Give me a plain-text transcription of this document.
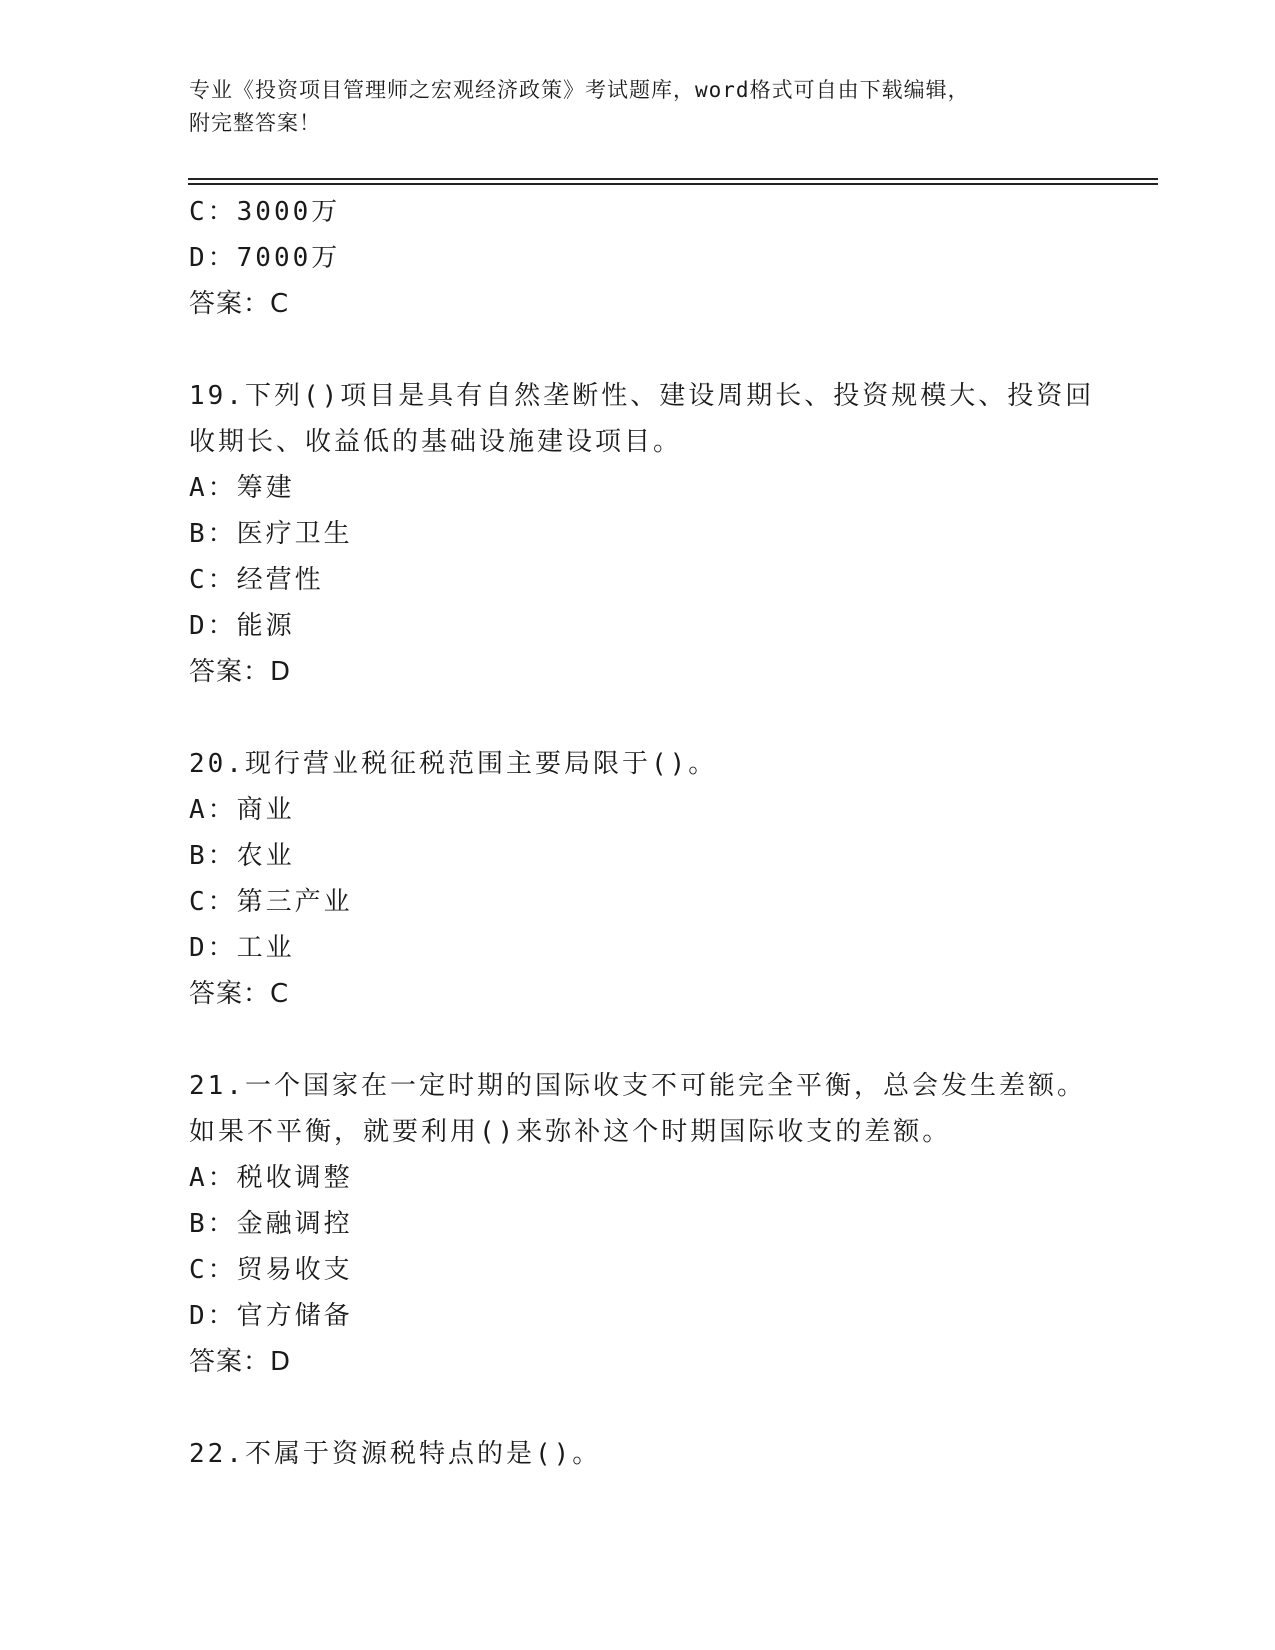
专业《投资项目管理师之宏观经济政策》考试题库，word格式可自由下载编辑，
附完整答案！
C：3000万
D：7000万
答案：C
19.下列()项目是具有自然垄断性、建设周期长、投资规模大、投资回
收期长、收益低的基础设施建设项目。
A：筹建
B：医疗卫生
C：经营性
D：能源
答案：D
20.现行营业税征税范围主要局限于()。
A：商业
B：农业
C：第三产业
D：工业
答案：C
21.一个国家在一定时期的国际收支不可能完全平衡，总会发生差额。
如果不平衡，就要利用()来弥补这个时期国际收支的差额。
A：税收调整
B：金融调控
C：贸易收支
D：官方储备
答案：D
22.不属于资源税特点的是()。
